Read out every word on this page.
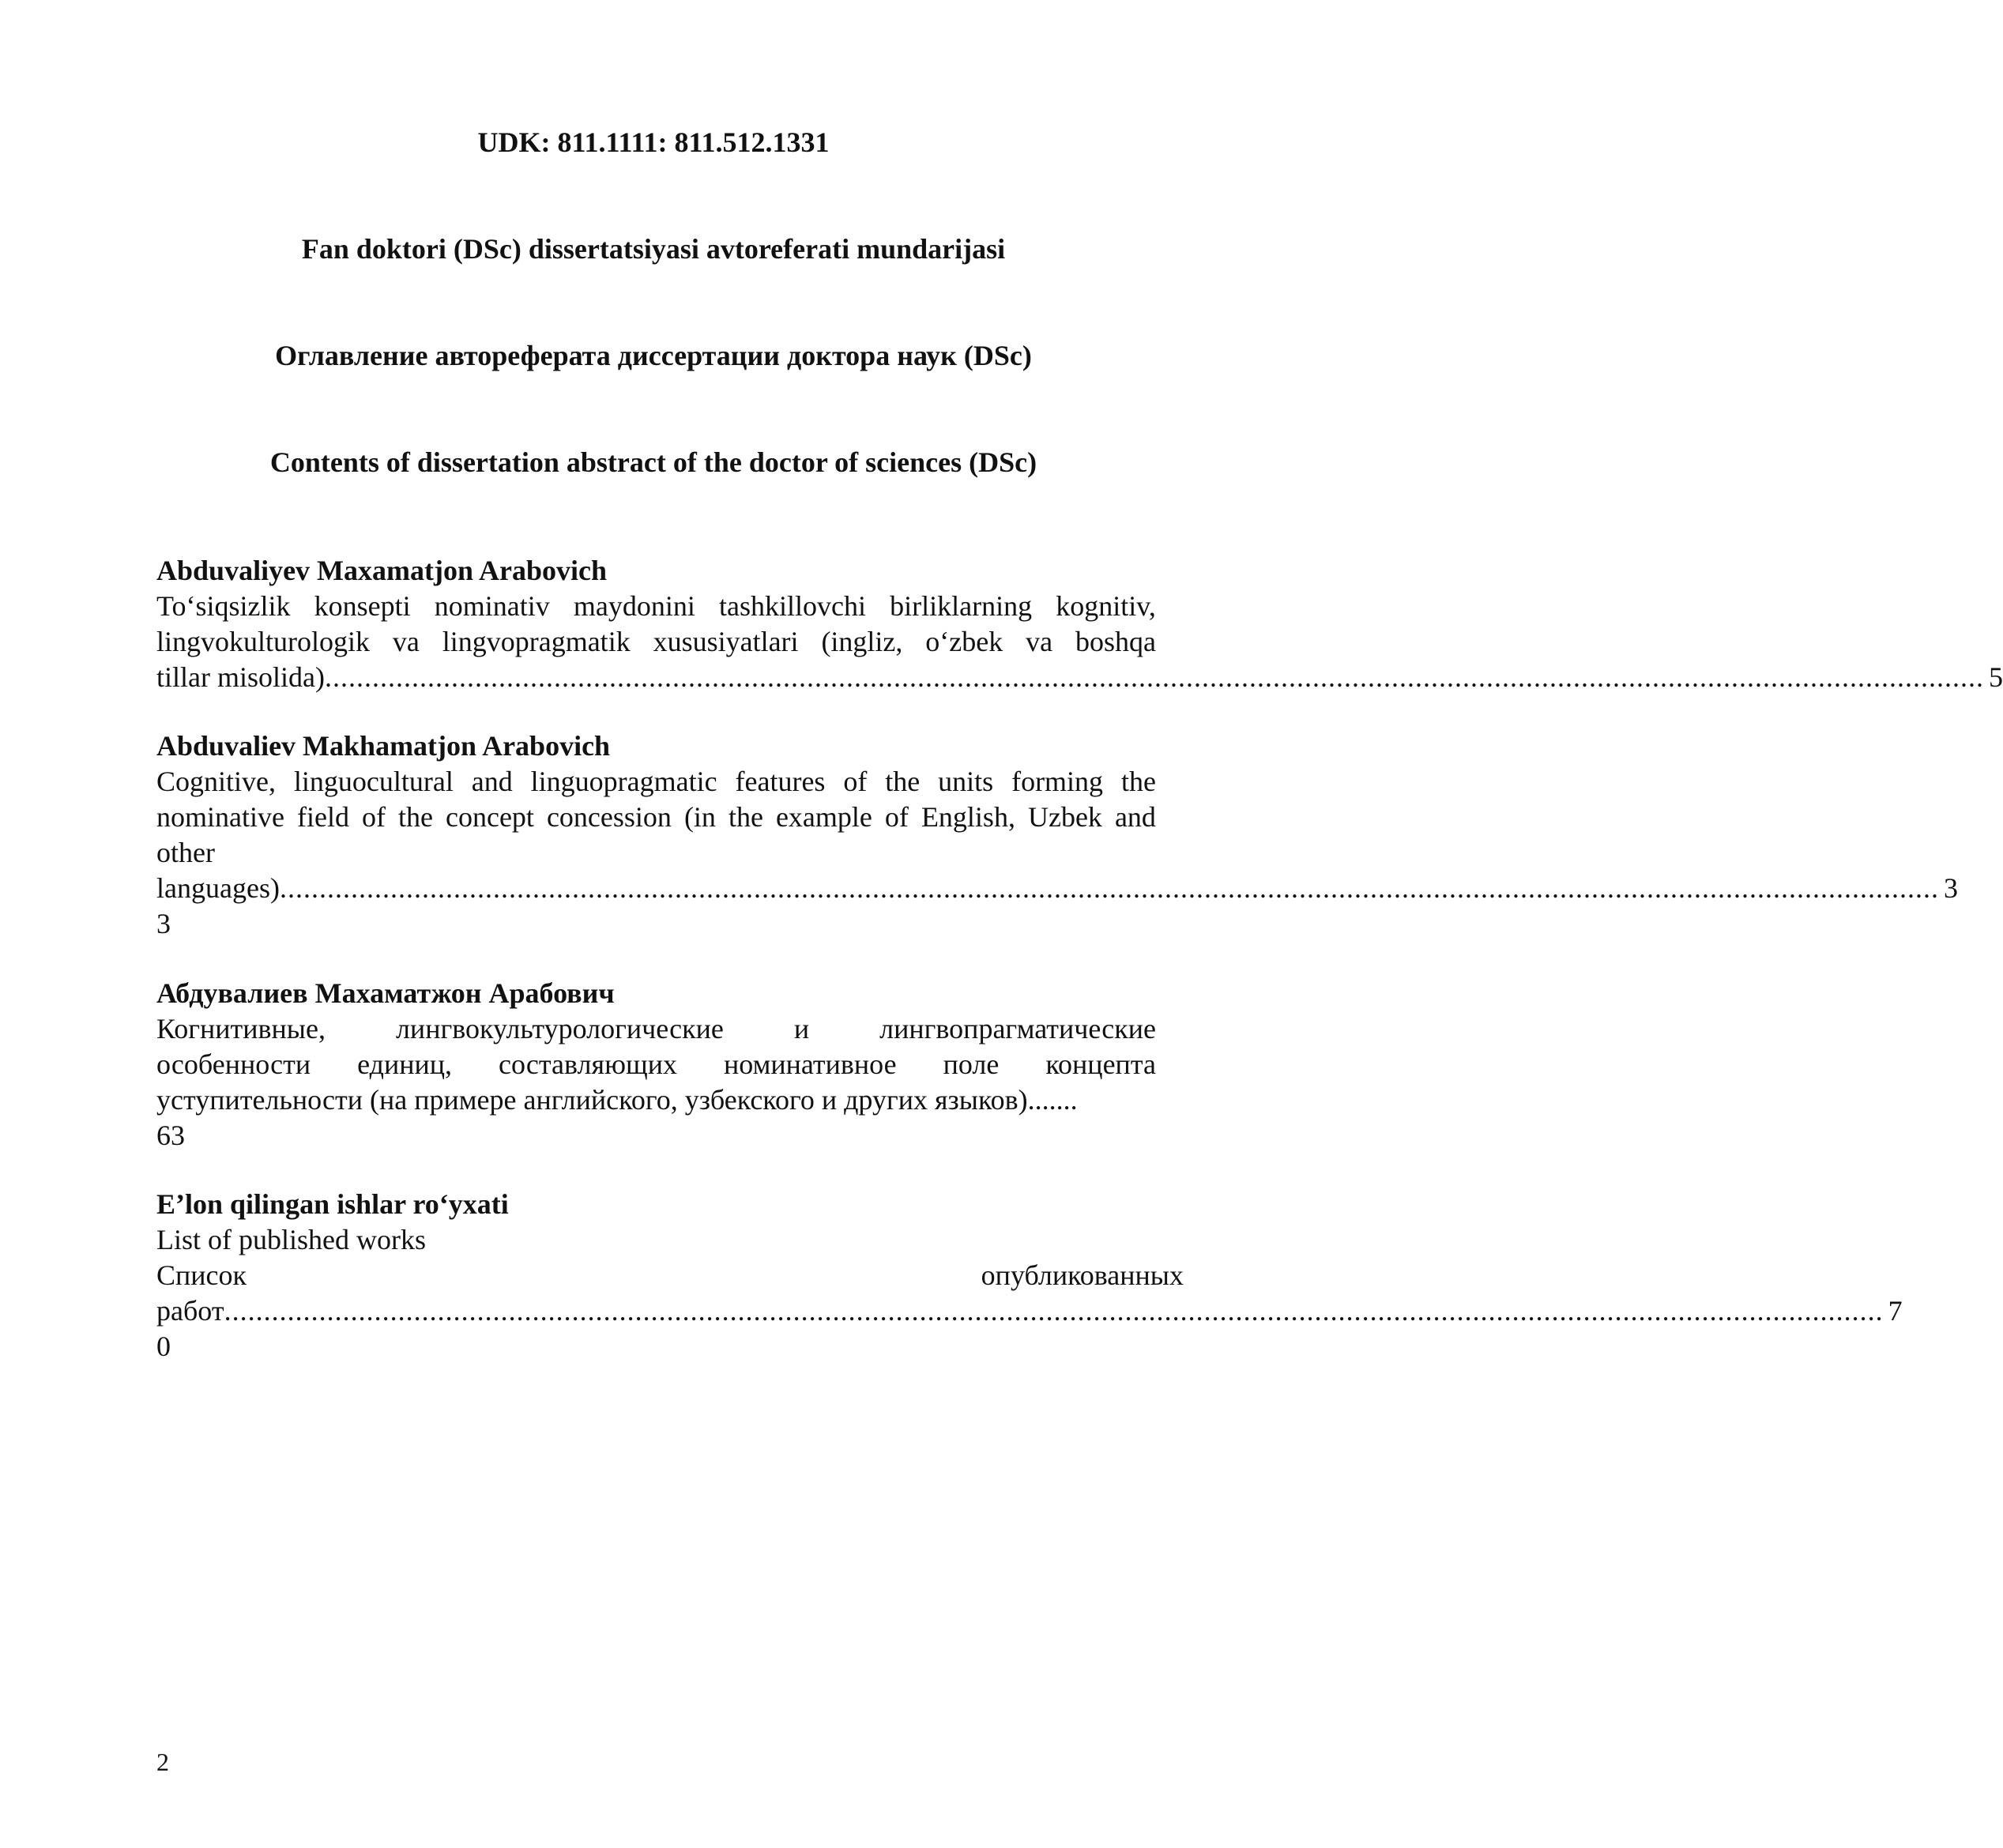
UDK: 811.1111: 811.512.1331
Fan doktori (DSc) dissertatsiyasi avtoreferati mundarijasi
Оглавление автореферата диссертации доктора наук (DSc)
Contents of dissertation abstract of the doctor of sciences (DSc)

Abduvaliyev Maxamatjon Arabovich

To‘siqsizlik konsepti nominativ maydonini tashkillovchi birliklarning kognitiv,
lingvokulturologik va lingvopragmatik xususiyatlari (ingliz, o‘zbek va boshqa
tillar misolida) .................................................................................................................................................................................................................. 5

Abduvaliev Makhamatjon Arabovich

Cognitive, linguocultural and linguopragmatic features of the units forming the
nominative field of the concept concession (in the example of English, Uzbek and

other

languages) .................................................................................................................................................................................................................. 3

3

Абдувалиев Махаматжон Арабович

Когнитивные, лингвокультурологические и лингвопрагматические
особенности единиц, составляющих номинативное поле концепта

уступительности (на примере английского, узбекского и других языков).......

63

E’lon qilingan ishlar ro‘yxati

List of published works

Список	опубликованных
работ .................................................................................................................................................................................................................. 7

0

2
